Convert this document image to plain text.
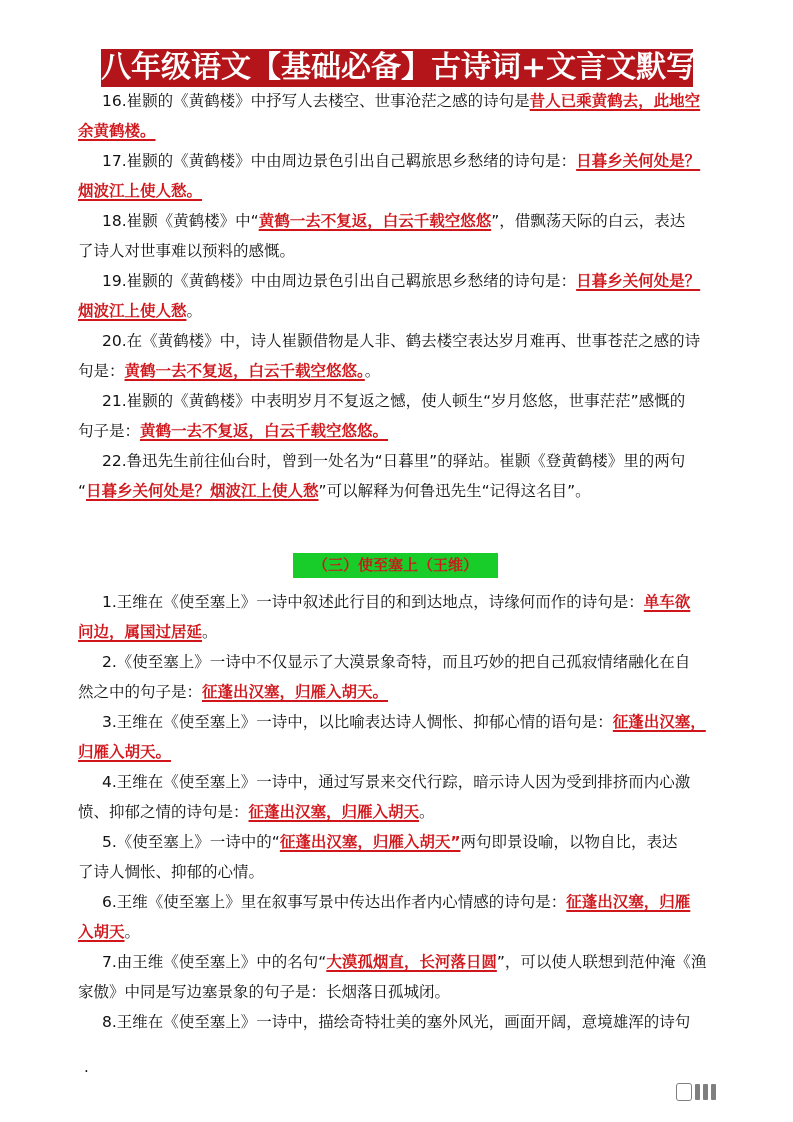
八年级语文【基础必备】古诗词+文言文默写
16.崔颢的《黄鹤楼》中抒写人去楼空、世事沧茫之感的诗句是昔人已乘黄鹤去，此地空
余黄鹤楼。
17.崔颢的《黄鹤楼》中由周边景色引出自己羁旅思乡愁绪的诗句是：日暮乡关何处是？
烟波江上使人愁。
18.崔颢《黄鹤楼》中“黄鹤一去不复返，白云千载空悠悠”，借飘荡天际的白云，表达
了诗人对世事难以预料的感慨。
19.崔颢的《黄鹤楼》中由周边景色引出自己羁旅思乡愁绪的诗句是：日暮乡关何处是？
烟波江上使人愁。
20.在《黄鹤楼》中，诗人崔颢借物是人非、鹤去楼空表达岁月难再、世事苍茫之感的诗
句是：黄鹤一去不复返，白云千载空悠悠。。
21.崔颢的《黄鹤楼》中表明岁月不复返之憾，使人顿生“岁月悠悠，世事茫茫”感慨的
句子是：黄鹤一去不复返，白云千载空悠悠。
22.鲁迅先生前往仙台时，曾到一处名为“日暮里”的驿站。崔颢《登黄鹤楼》里的两句
“日暮乡关何处是？烟波江上使人愁”可以解释为何鲁迅先生“记得这名目”。
（三）使至塞上（王维）
1.王维在《使至塞上》一诗中叙述此行目的和到达地点，诗缘何而作的诗句是：单车欲
问边，属国过居延。
2.《使至塞上》一诗中不仅显示了大漠景象奇特，而且巧妙的把自己孤寂情绪融化在自
然之中的句子是：征蓬出汉塞，归雁入胡天。
3.王维在《使至塞上》一诗中，以比喻表达诗人惆怅、抑郁心情的语句是：征蓬出汉塞，
归雁入胡天。
4.王维在《使至塞上》一诗中，通过写景来交代行踪，暗示诗人因为受到排挤而内心激
愤、抑郁之情的诗句是：征蓬出汉塞，归雁入胡天。
5.《使至塞上》一诗中的“征蓬出汉塞，归雁入胡天”两句即景设喻，以物自比，表达
了诗人惆怅、抑郁的心情。
6.王维《使至塞上》里在叙事写景中传达出作者内心情感的诗句是：征蓬出汉塞，归雁
入胡天。
7.由王维《使至塞上》中的名句“大漠孤烟直，长河落日圆”，可以使人联想到范仲淹《渔
家傲》中同是写边塞景象的句子是：长烟落日孤城闭。
8.王维在《使至塞上》一诗中，描绘奇特壮美的塞外风光，画面开阔，意境雄浑的诗句
.
